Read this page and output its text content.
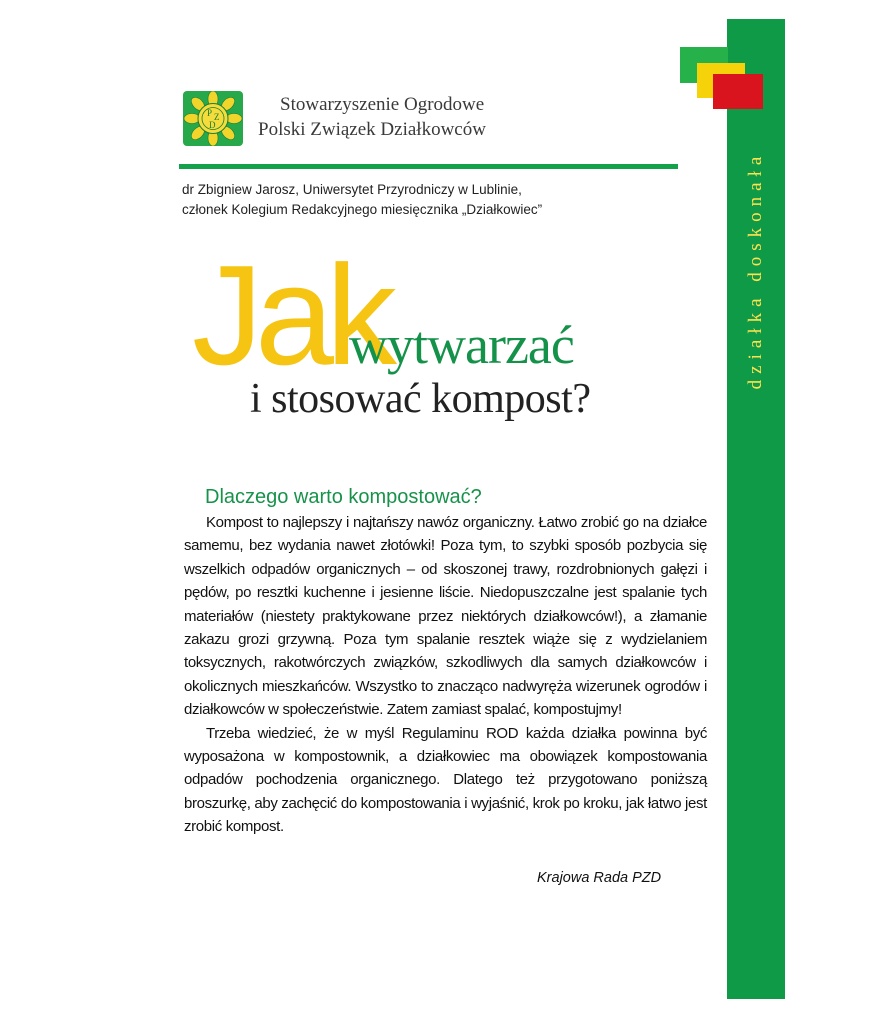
działka doskonała
P Z
D
Stowarzyszenie Ogrodowe
Polski Związek Działkowców
dr Zbigniew Jarosz, Uniwersytet Przyrodniczy w Lublinie,
członek Kolegium Redakcyjnego miesięcznika „Działkowiec”
Jak
wytwarzać
i stosować kompost?
Dlaczego warto kompostować?

Kompost to najlepszy i najtańszy nawóz organiczny. Łatwo zrobić go na działce samemu, bez wydania nawet złotówki! Poza tym, to szybki sposób pozbycia się wszelkich odpadów organicznych – od skoszonej trawy, rozdrobnionych gałęzi i pędów, po resztki kuchenne i jesienne liście. Niedopuszczalne jest spalanie tych materiałów (niestety praktykowane przez niektórych działkowców!), a złamanie zakazu grozi grzywną. Poza tym spalanie resztek wiąże się z wydzielaniem toksycznych, rakotwórczych związków, szkodliwych dla samych działkowców i okolicznych mieszkańców. Wszystko to znacząco nadwyręża wizerunek ogrodów i działkowców w społeczeństwie. Zatem zamiast spalać, kompostujmy!

Trzeba wiedzieć, że w myśl Regulaminu ROD każda działka powinna być wyposażona w kompostownik, a działkowiec ma obowiązek kompostowania odpadów pochodzenia organicznego. Dlatego też przygotowano poniższą broszurkę, aby zachęcić do kompostowania i wyjaśnić, krok po kroku, jak łatwo jest zrobić kompost.

Krajowa Rada PZD
